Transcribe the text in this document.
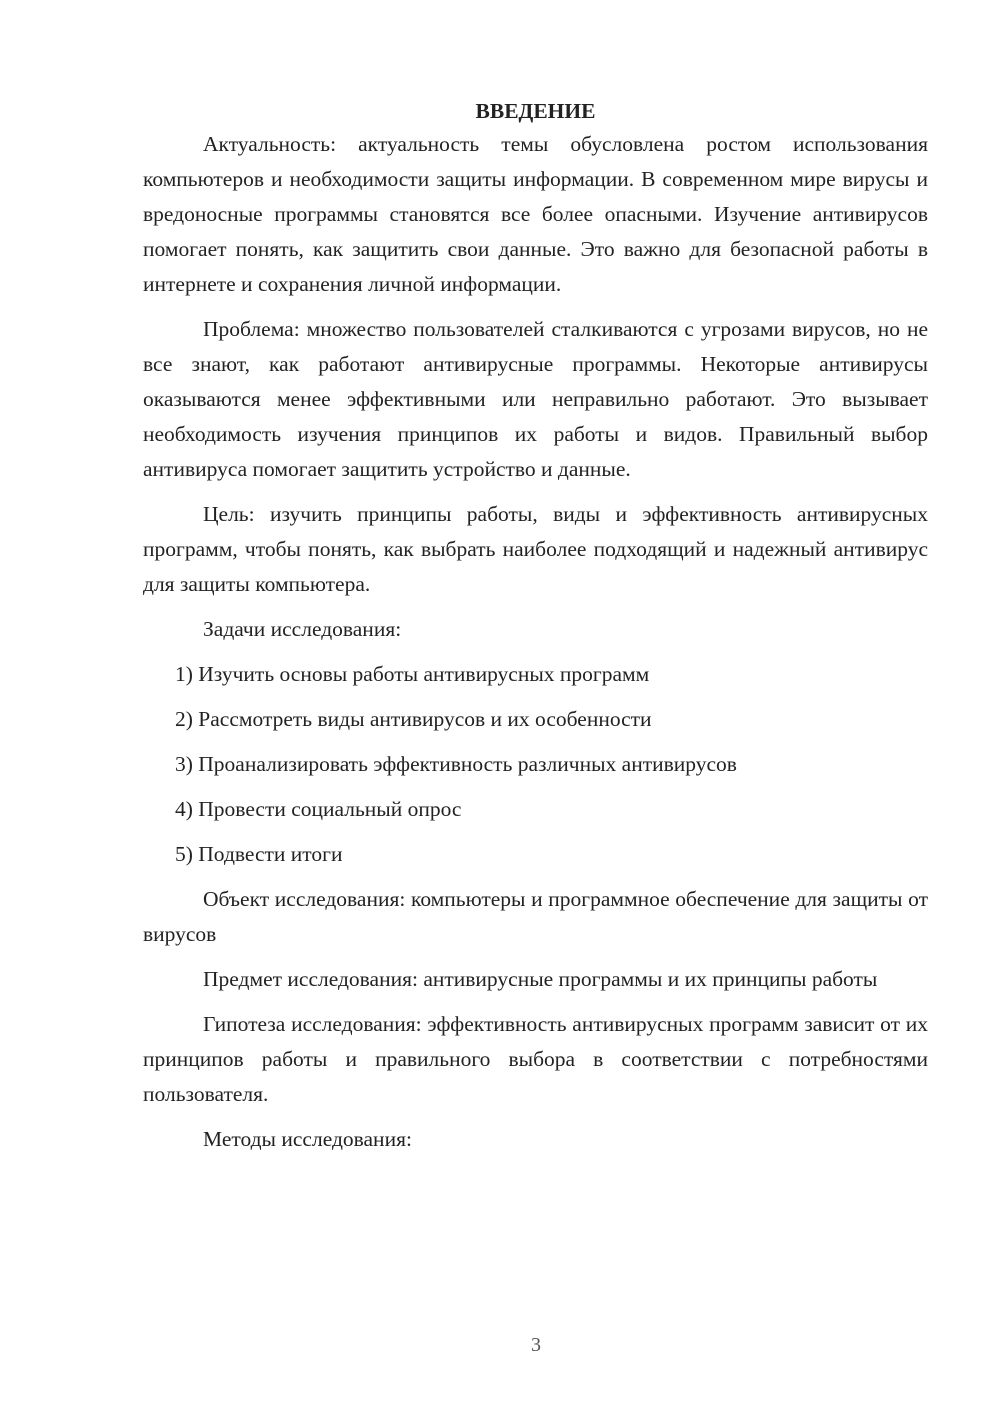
ВВЕДЕНИЕ

Актуальность: актуальность темы обусловлена ростом использования компьютеров и необходимости защиты информации. В современном мире вирусы и вредоносные программы становятся все более опасными. Изучение антивирусов помогает понять, как защитить свои данные. Это важно для безопасной работы в интернете и сохранения личной информации.

Проблема: множество пользователей сталкиваются с угрозами вирусов, но не все знают, как работают антивирусные программы. Некоторые антивирусы оказываются менее эффективными или неправильно работают. Это вызывает необходимость изучения принципов их работы и видов. Правильный выбор антивируса помогает защитить устройство и данные.

Цель: изучить принципы работы, виды и эффективность антивирусных программ, чтобы понять, как выбрать наиболее подходящий и надежный антивирус для защиты компьютера.

Задачи исследования:

1) Изучить основы работы антивирусных программ
2) Рассмотреть виды антивирусов и их особенности
3) Проанализировать эффективность различных антивирусов
4) Провести социальный опрос
5) Подвести итоги

Объект исследования: компьютеры и программное обеспечение для защиты от вирусов

Предмет исследования: антивирусные программы и их принципы работы

Гипотеза исследования: эффективность антивирусных программ зависит от их принципов работы и правильного выбора в соответствии с потребностями пользователя.

Методы исследования:

3
